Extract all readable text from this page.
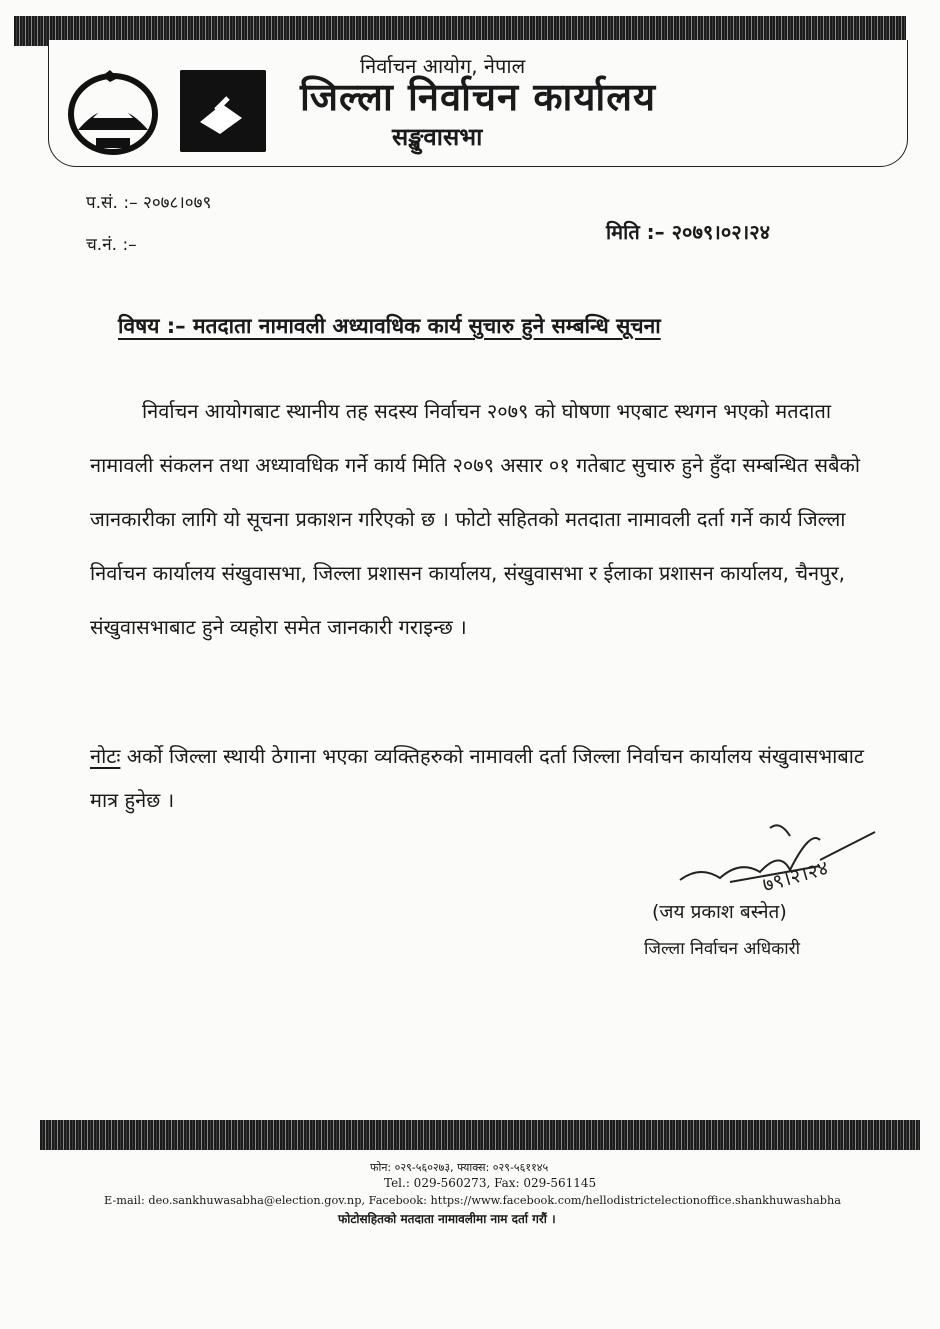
निर्वाचन आयोग, नेपाल
जिल्ला निर्वाचन कार्यालय
सङ्खुवासभा
प.सं. :– २०७८।०७९
च.नं. :–
मिति :– २०७९।०२।२४
विषय :– मतदाता नामावली अध्यावधिक कार्य सुचारु हुने सम्बन्धि सूचना

निर्वाचन आयोगबाट स्थानीय तह सदस्य निर्वाचन २०७९ को घोषणा भएबाट स्थगन भएको मतदाता नामावली संकलन तथा अध्यावधिक गर्ने कार्य मिति २०७९ असार ०१ गतेबाट सुचारु हुने हुँदा सम्बन्धित सबैको जानकारीका लागि यो सूचना प्रकाशन गरिएको छ । फोटो सहितको मतदाता नामावली दर्ता गर्ने कार्य जिल्ला निर्वाचन कार्यालय संखुवासभा, जिल्ला प्रशासन कार्यालय, संखुवासभा र ईलाका प्रशासन कार्यालय, चैनपुर, संखुवासभाबाट हुने व्यहोरा समेत जानकारी गराइन्छ ।

नोटः अर्को जिल्ला स्थायी ठेगाना भएका व्यक्तिहरुको नामावली दर्ता जिल्ला निर्वाचन कार्यालय संखुवासभाबाट मात्र हुनेछ ।

७९।२।२४
(जय प्रकाश बस्नेत)
जिल्ला निर्वाचन अधिकारी
फोन: ०२९-५६०२७३, फ्याक्स: ०२९-५६११४५
Tel.: 029-560273, Fax: 029-561145
E-mail: deo.sankhuwasabha@election.gov.np, Facebook: https://www.facebook.com/hellodistrictelectionoffice.shankhuwashabha
फोटोसहितको मतदाता नामावलीमा नाम दर्ता गरौं ।
